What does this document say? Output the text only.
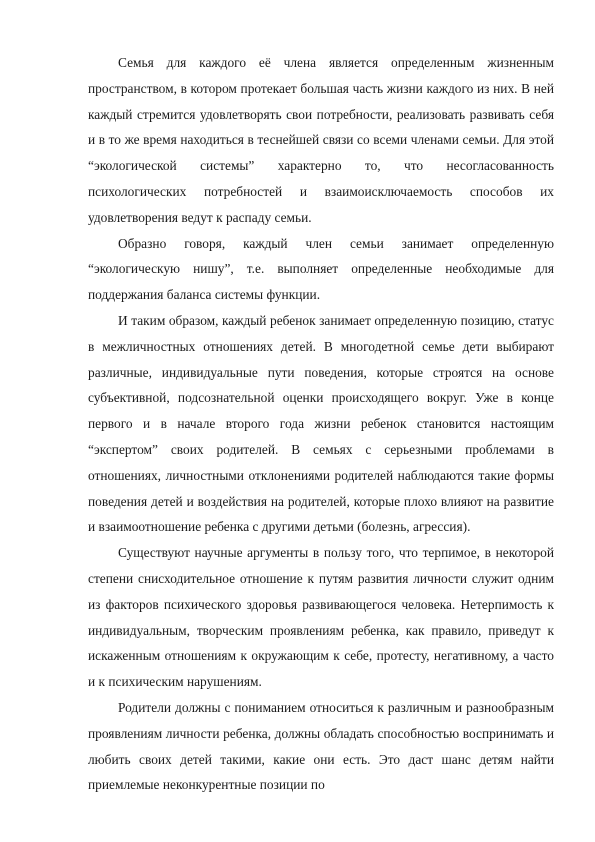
Семья для каждого её члена является определенным жизненным пространством, в котором протекает большая часть жизни каждого из них. В ней каждый стремится удовлетворять свои потребности, реализовать развивать себя и в то же время находиться в теснейшей связи со всеми членами семьи. Для этой “экологической системы” характерно то, что несогласованность психологических потребностей и взаимоисключаемость способов их удовлетворения ведут к распаду семьи.

Образно говоря, каждый член семьи занимает определенную “экологическую нишу”, т.е. выполняет определенные необходимые для поддержания баланса системы функции.

И таким образом, каждый ребенок занимает определенную позицию, статус в межличностных отношениях детей. В многодетной семье дети выбирают различные, индивидуальные пути поведения, которые строятся на основе субъективной, подсознательной оценки происходящего вокруг. Уже в конце первого и в начале второго года жизни ребенок становится настоящим “экспертом” своих родителей. В семьях с серьезными проблемами в отношениях, личностными отклонениями родителей наблюдаются такие формы поведения детей и воздействия на родителей, которые плохо влияют на развитие и взаимоотношение ребенка с другими детьми (болезнь, агрессия).

Существуют научные аргументы в пользу того, что терпимое, в некоторой степени снисходительное отношение к путям развития личности служит одним из факторов психического здоровья развивающегося человека. Нетерпимость к индивидуальным, творческим проявлениям ребенка, как правило, приведут к искаженным отношениям к окружающим к себе, протесту, негативному, а часто и к психическим нарушениям.

Родители должны с пониманием относиться к различным и разнообразным проявлениям личности ребенка, должны обладать способностью воспринимать и любить своих детей такими, какие они есть. Это даст шанс детям найти приемлемые неконкурентные позиции по
